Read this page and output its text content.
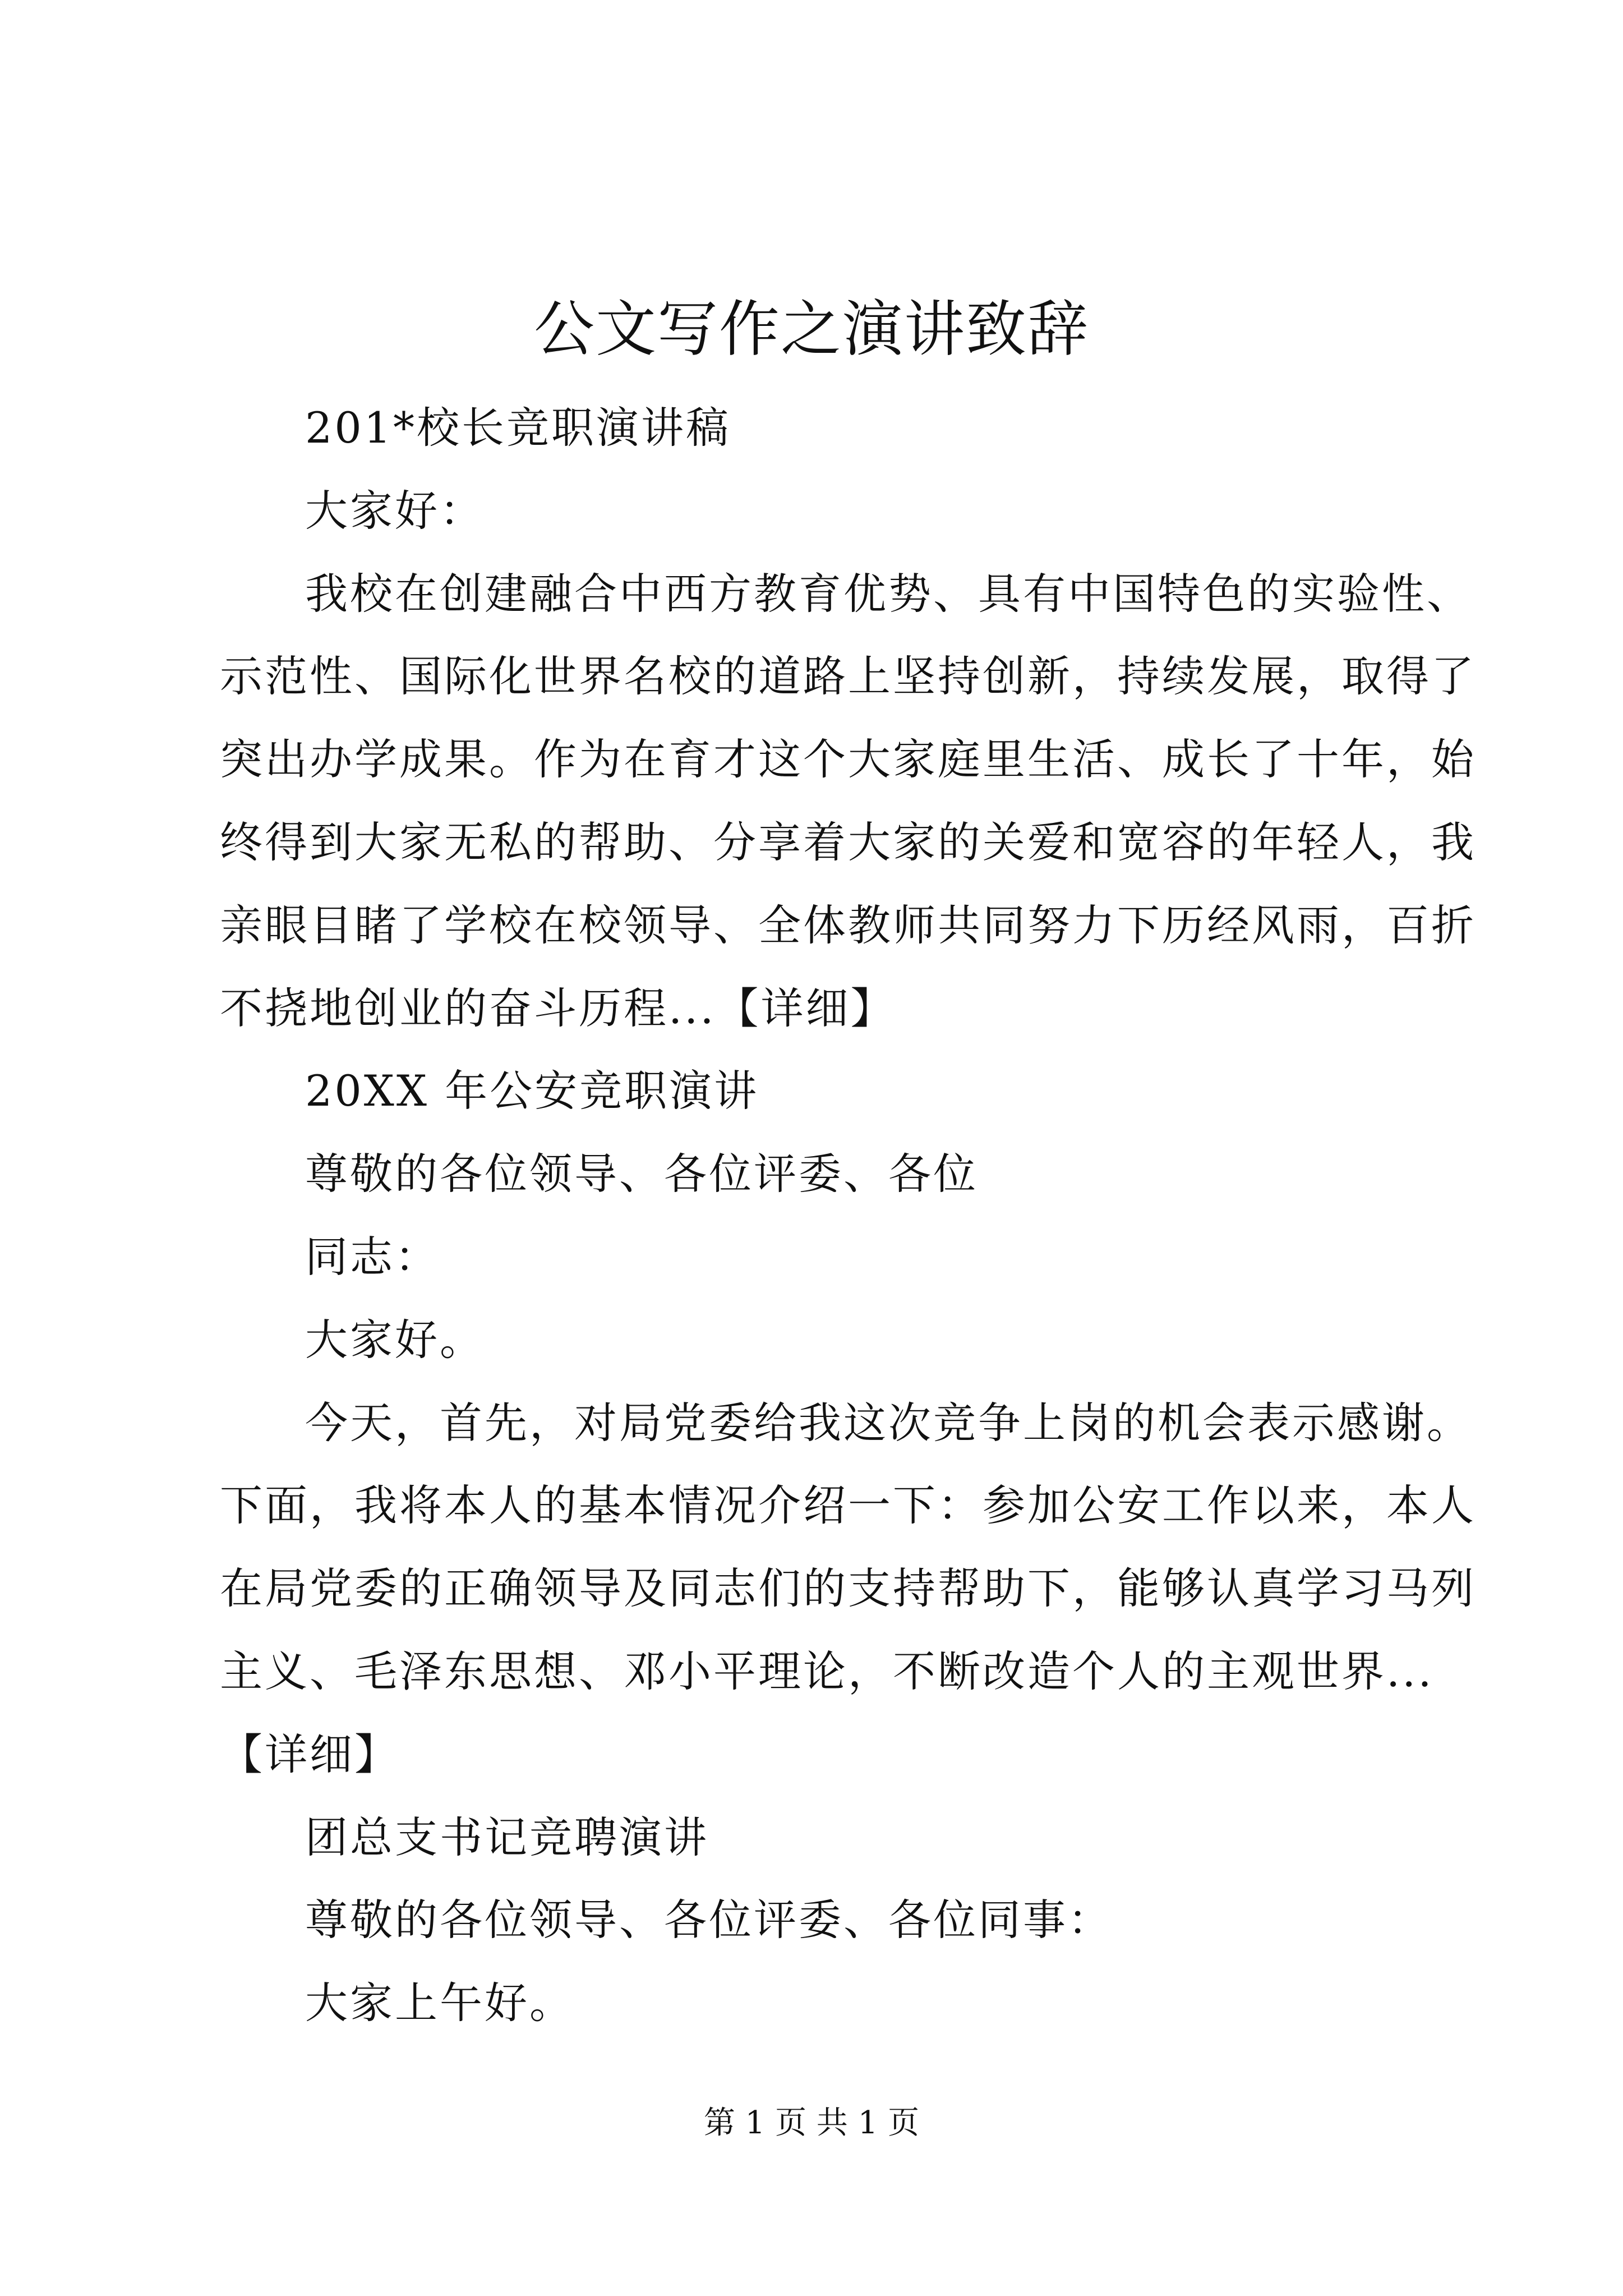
公文写作之演讲致辞
201*校长竞职演讲稿
大家好：
我校在创建融合中西方教育优势、具有中国特色的实验性、
示范性、国际化世界名校的道路上坚持创新，持续发展，取得了
突出办学成果。作为在育才这个大家庭里生活、成长了十年，始
终得到大家无私的帮助、分享着大家的关爱和宽容的年轻人，我
亲眼目睹了学校在校领导、全体教师共同努力下历经风雨，百折
不挠地创业的奋斗历程...【详细】
20XX 年公安竞职演讲
尊敬的各位领导、各位评委、各位
同志：
大家好。
今天，首先，对局党委给我这次竞争上岗的机会表示感谢。
下面，我将本人的基本情况介绍一下：参加公安工作以来，本人
在局党委的正确领导及同志们的支持帮助下，能够认真学习马列
主义、毛泽东思想、邓小平理论，不断改造个人的主观世界...
【详细】
团总支书记竞聘演讲
尊敬的各位领导、各位评委、各位同事：
大家上午好。
第 1 页 共 1 页
